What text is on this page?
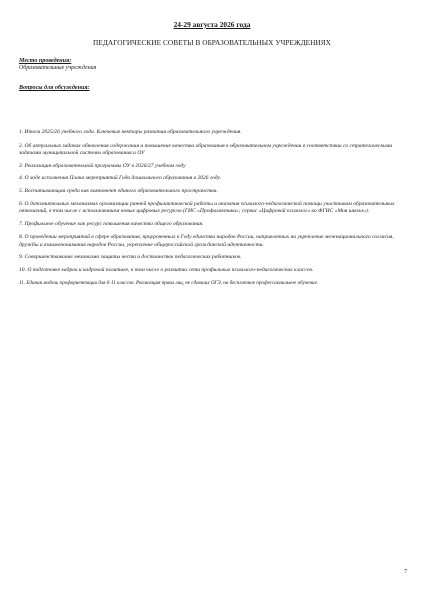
24-29 августа 2026 года
ПЕДАГОГИЧЕСКИЕ СОВЕТЫ В ОБРАЗОВАТЕЛЬНЫХ УЧРЕЖДЕНИЯХ
Место проведения:
Образовательные учреждения
Вопросы для обсуждения:
1. Итоги 2025/26 учебного года. Ключевые векторы развития образовательного учреждения.
2. Об актуальных задачах обновления содержания и повышение качества образования в образовательном учреждении в соответствии со стратегическими задачами муниципальной системы образования и ОУ
3. Реализация образовательной программы ОУ в 2026/27 учебном году
4. О ходе исполнения Плана мероприятий Года дошкольного образования в 2026 году.
5. Воспитывающая среда как компонент единого образовательного пространства.
6. О дополнительных механизмах организации ранней профилактической работы и оказания психолого-педагогической помощи участникам образовательных отношений, в том числе с использованием новых цифровых ресурсов (ГИС «Профилактика»; сервис «Цифровой психолог» во ФГИС «Моя школа»).
7. Профильное обучение как ресурс повышения качества общего образования.
8. О проведении мероприятий в сфере образования, приуроченных к Году единства народов России, направленных на укрепление межнационального согласия, дружбы и взаимопонимания народов России, укрепление общероссийской гражданской идентичности.
9. Совершенствование механизма защиты чести и достоинства педагогических работников.
10. О подготовке кадров и кадровой политике, в том числе о развитии сети профильных психолого-педагогических классов.
11. Единая модель профориентации для 6-11 классов. Реализация права лиц, не сдавших ОГЭ, на бесплатное профессиональное обучение.
7
